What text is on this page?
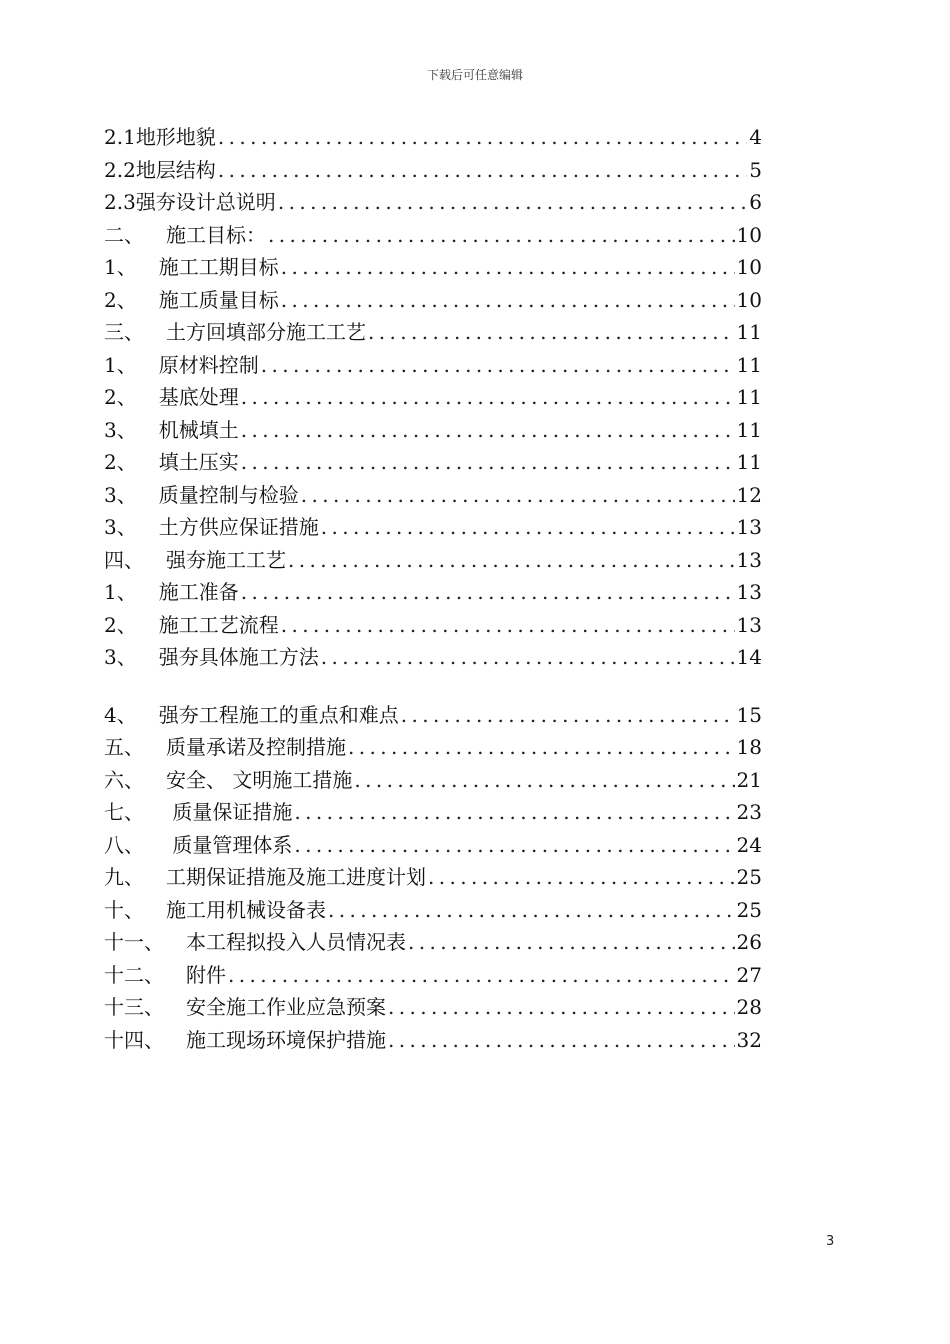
下载后可任意编辑
2.1 地形地貌 .....	4
2.2 地层结构 .....	5
2.3 强夯设计总说明 .....	6
二、 施工目标： .....	10
1、 施工工期目标 .....	10
2、 施工质量目标 .....	10
三、 土方回填部分施工工艺 .....	11
1、 原材料控制 .....	11
2、 基底处理 .....	11
3、 机械填土 .....	11
2、 填土压实 .....	11
3、 质量控制与检验 .....	12
3、 土方供应保证措施 .....	13
四、 强夯施工工艺 .....	13
1、 施工准备 .....	13
2、 施工工艺流程 .....	13
3、 强夯具体施工方法 .....	14
4、 强夯工程施工的重点和难点 .....	15
五、 质量承诺及控制措施 .....	18
六、 安全、 文明施工措施 .....	21
七、 质量保证措施 .....	23
八、 质量管理体系 .....	24
九、 工期保证措施及施工进度计划 .....	25
十、 施工用机械设备表 .....	25
十一、 本工程拟投入人员情况表 .....	26
十二、 附件 .....	27
十三、 安全施工作业应急预案 .....	28
十四、 施工现场环境保护措施 .....	32
3
